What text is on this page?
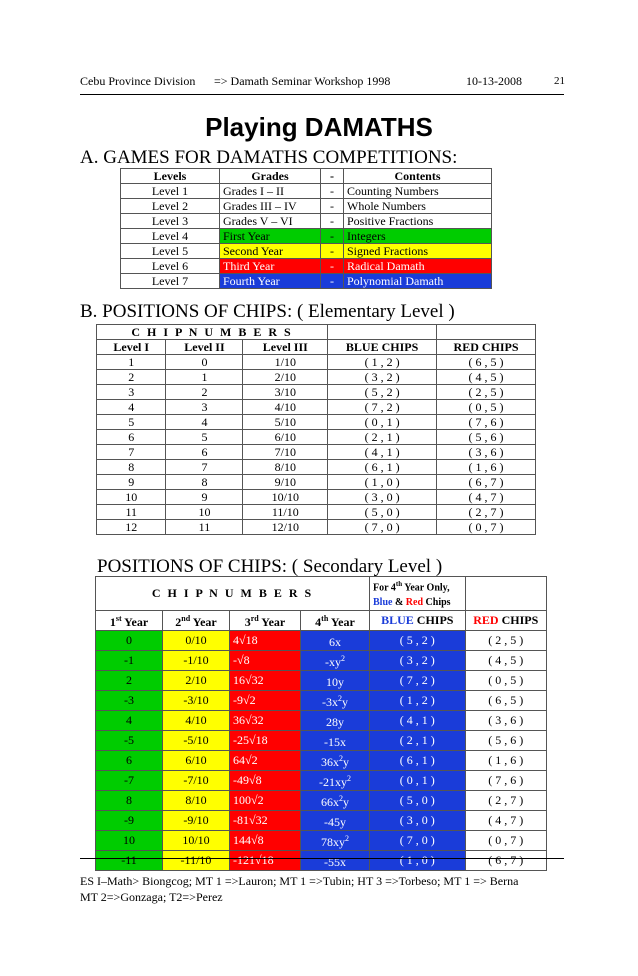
Cebu Province Division => Damath Seminar Workshop 1998	10-13-2008	21
Playing DAMATHS
A. GAMES FOR DAMATHS COMPETITIONS:
Levels	Grades	-	Contents
Level 1	Grades I – II	-	Counting Numbers
Level 2	Grades III – IV	-	Whole Numbers
Level 3	Grades V – VI	-	Positive Fractions
Level 4	First Year	-	Integers
Level 5	Second Year	-	Signed Fractions
Level 6	Third Year	-	Radical Damath
Level 7	Fourth Year	-	Polynomial Damath
B. POSITIONS OF CHIPS: ( Elementary Level )
C H I P N U M B E R S				
Level I	Level II	Level III	BLUE CHIPS	RED CHIPS
1	0	1/10	( 1 , 2 )	( 6 , 5 )
2	1	2/10	( 3 , 2 )	( 4 , 5 )
3	2	3/10	( 5 , 2 )	( 2 , 5 )
4	3	4/10	( 7 , 2 )	( 0 , 5 )
5	4	5/10	( 0 , 1 )	( 7 , 6 )
6	5	6/10	( 2 , 1 )	( 5 , 6 )
7	6	7/10	( 4 , 1 )	( 3 , 6 )
8	7	8/10	( 6 , 1 )	( 1 , 6 )
9	8	9/10	( 1 , 0 )	( 6 , 7 )
10	9	10/10	( 3 , 0 )	( 4 , 7 )
11	10	11/10	( 5 , 0 )	( 2 , 7 )
12	11	12/10	( 7 , 0 )	( 0 , 7 )
POSITIONS OF CHIPS: ( Secondary Level )
C H I P N U M B E R S				For 4th Year Only,
Blue & Red Chips	
1st Year	2nd Year	3rd Year	4th Year	BLUE CHIPS	RED CHIPS
0	0/10	4√18	6x	( 5 , 2 )	( 2 , 5 )
-1	-1/10	-√8	$-xy^2$	( 3 , 2 )	( 4 , 5 )
2	2/10	16√32	10y	( 7 , 2 )	( 0 , 5 )
-3	-3/10	-9√2	$-3x^2y$	( 1 , 2 )	( 6 , 5 )
4	4/10	36√32	28y	( 4 , 1 )	( 3 , 6 )
-5	-5/10	-25√18	-15x	( 2 , 1 )	( 5 , 6 )
6	6/10	64√2	$36x^2y$	( 6 , 1 )	( 1 , 6 )
-7	-7/10	-49√8	$-21xy^2$	( 0 , 1 )	( 7 , 6 )
8	8/10	100√2	$66x^2y$	( 5 , 0 )	( 2 , 7 )
-9	-9/10	-81√32	-45y	( 3 , 0 )	( 4 , 7 )
10	10/10	144√8	$78xy^2$	( 7 , 0 )	( 0 , 7 )
-11	-11/10	-121√18	-55x	( 1 , 0 )	( 6 , 7 )
ES I–Math> Biongcog; MT 1 =>Lauron; MT 1 =>Tubin; HT 3 =>Torbeso; MT 1 => Berna
MT 2=>Gonzaga; T2=>Perez
